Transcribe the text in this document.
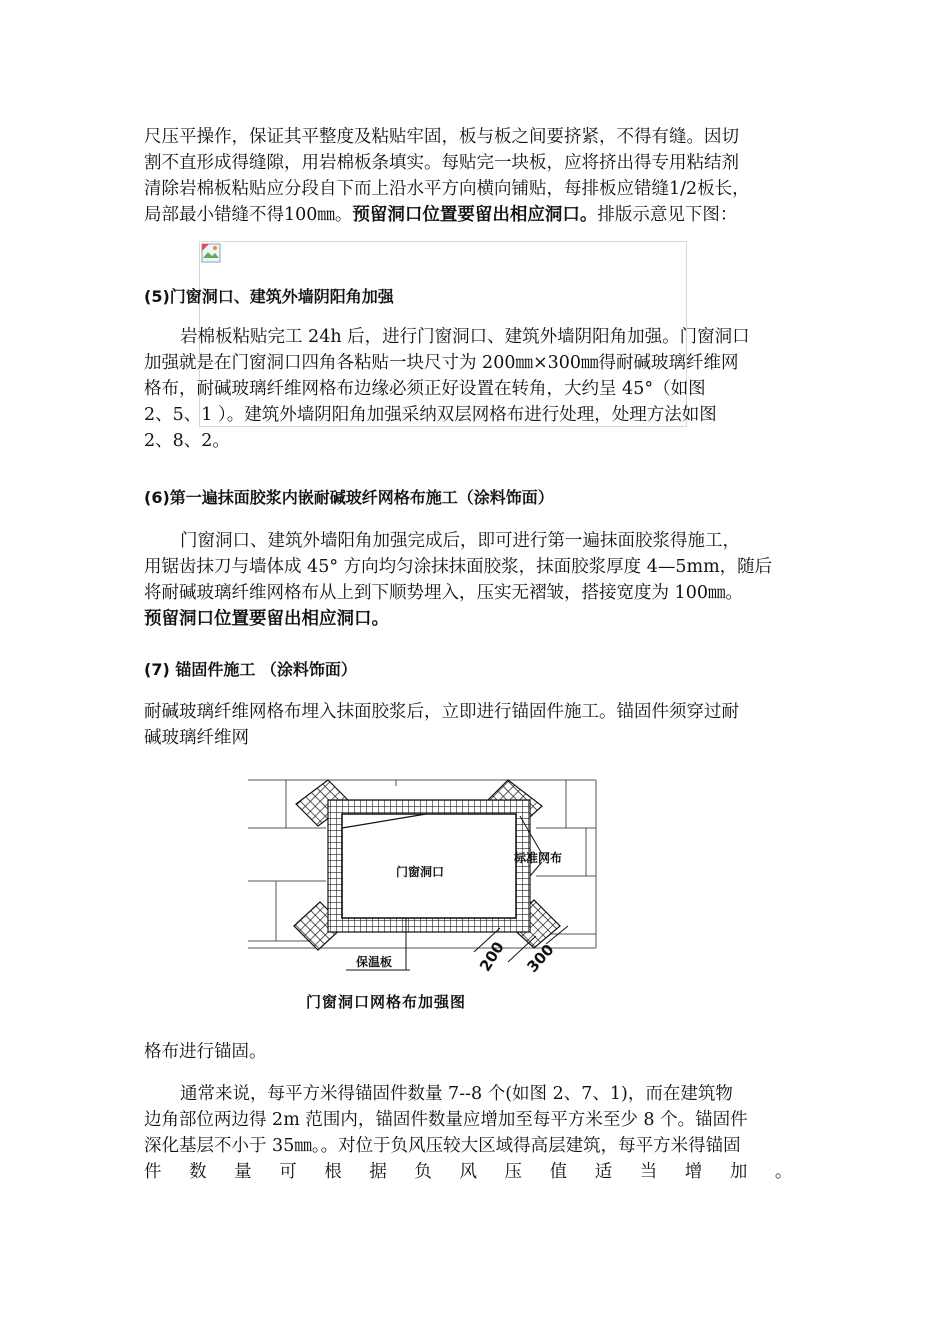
尺压平操作，保证其平整度及粘贴牢固，板与板之间要挤紧，不得有缝。因切
割不直形成得缝隙，用岩棉板条填实。每贴完一块板，应将挤出得专用粘结剂
清除岩棉板粘贴应分段自下而上沿水平方向横向铺贴，每排板应错缝1/2板长，
局部最小错缝不得100㎜。预留洞口位置要留出相应洞口。排版示意见下图：

(5)门窗洞口、建筑外墙阴阳角加强

岩棉板粘贴完工 24h 后，进行门窗洞口、建筑外墙阴阳角加强。门窗洞口
加强就是在门窗洞口四角各粘贴一块尺寸为 200㎜×300㎜得耐碱玻璃纤维网
格布，耐碱玻璃纤维网格布边缘必须正好设置在转角，大约呈 45°（如图
2、5、1 ）。建筑外墙阴阳角加强采纳双层网格布进行处理，处理方法如图
2、8、2。

(6)第一遍抹面胶浆内嵌耐碱玻纤网格布施工（涂料饰面）

门窗洞口、建筑外墙阳角加强完成后，即可进行第一遍抹面胶浆得施工，
用锯齿抹刀与墙体成 45° 方向均匀涂抹抹面胶浆，抹面胶浆厚度 4—5mm，随后
将耐碱玻璃纤维网格布从上到下顺势埋入，压实无褶皱，搭接宽度为 100㎜。
预留洞口位置要留出相应洞口。

(7) 锚固件施工 （涂料饰面）

耐碱玻璃纤维网格布埋入抹面胶浆后，立即进行锚固件施工。锚固件须穿过耐
碱玻璃纤维网

门窗洞口
标准网布
保温板	200 300
门窗洞口网格布加强图

格布进行锚固。

通常来说，每平方米得锚固件数量 7--8 个(如图 2、7、1)，而在建筑物
边角部位两边得 2m 范围内，锚固件数量应增加至每平方米至少 8 个。锚固件
深化基层不小于 35㎜。。对位于负风压较大区域得高层建筑，每平方米得锚固
件 数 量 可 根 据 负 风 压 值 适 当 增 加 。
